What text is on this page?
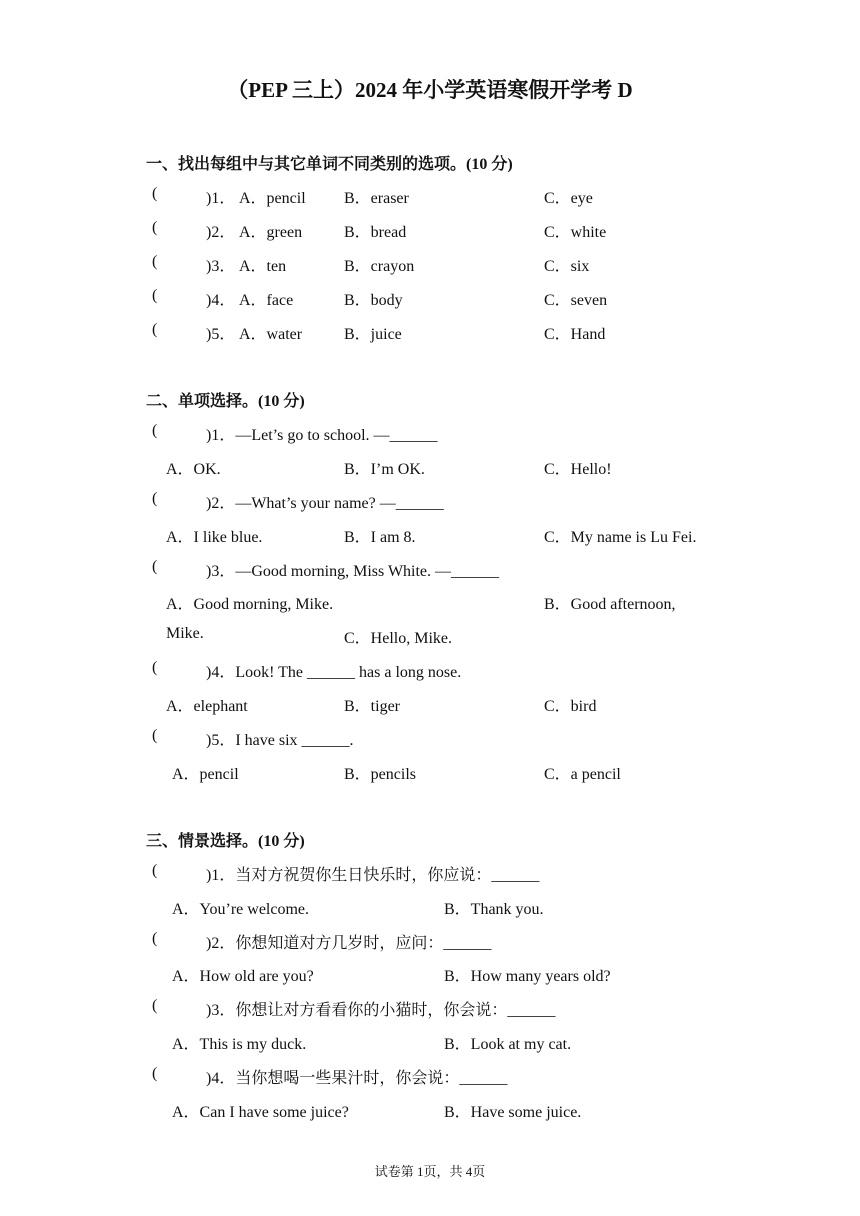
（PEP 三上）2024 年小学英语寒假开学考 D
一、找出每组中与其它单词不同类别的选项。(10 分)
(	)1． A．pencil B．eraser	C．eye
(	)2． A．green	B．bread	C．white
(	)3． A．ten	B．crayon	C．six
(	)4． A．face	B．body	C．seven
(	)5． A．water	B．juice	C．Hand
二、单项选择。(10 分)
(	)1．—Let’s go to school. —______
A．OK.	B．I’m OK.	C．Hello!
(	)2．—What’s your name? —______
A．I like blue.	B．I am 8.	C．My name is Lu Fei.
(	)3．—Good morning, Miss White. —______
A．Good morning, Mike.	B．Good afternoon,
Mike.	C．Hello, Mike.
(	)4．Look! The ______ has a long nose.
A．elephant	B．tiger	C．bird
(	)5．I have six ______.
A．pencil	B．pencils	C．a pencil
三、情景选择。(10 分)
(	)1．当对方祝贺你生日快乐时，你应说：______
A．You’re welcome.	B．Thank you.
(	)2．你想知道对方几岁时，应问：______
A．How old are you?	B．How many years old?
(	)3．你想让对方看看你的小猫时，你会说：______
A．This is my duck.	B．Look at my cat.
(	)4．当你想喝一些果汁时，你会说：______
A．Can I have some juice?	B．Have some juice.
试卷第 1页，共 4页
